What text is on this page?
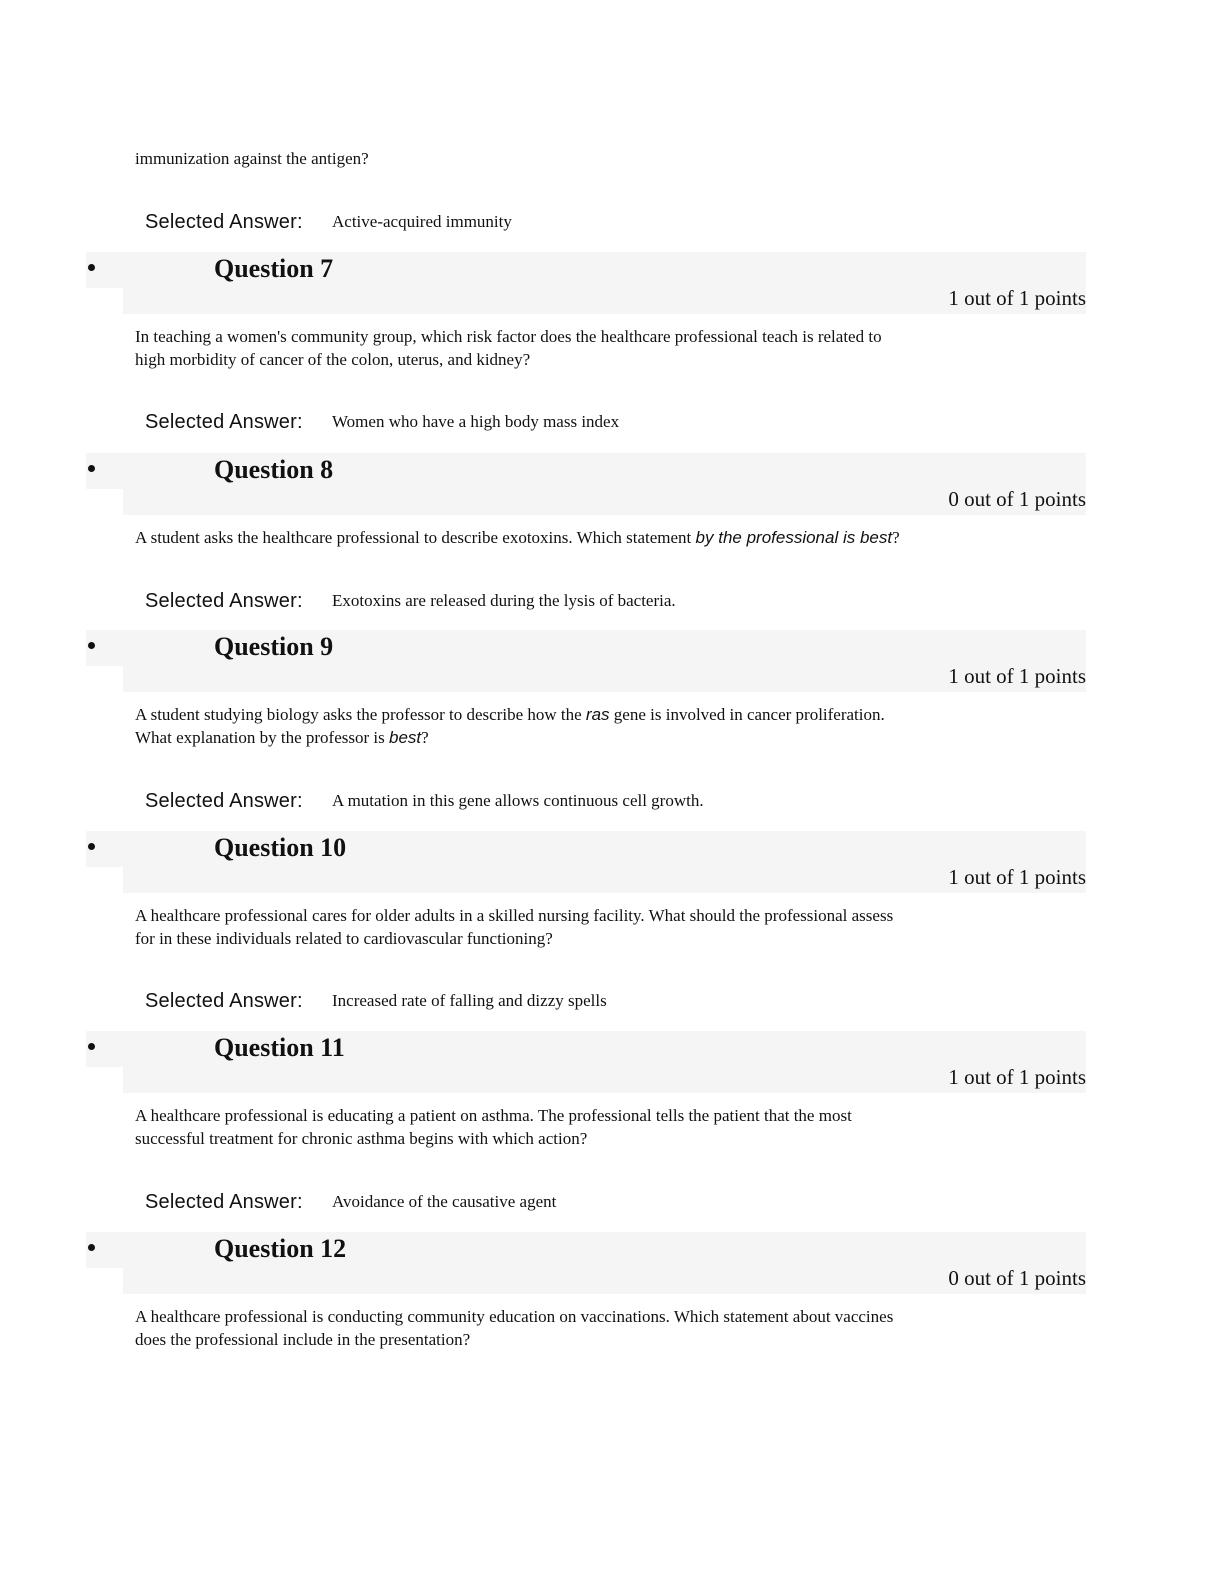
immunization against the antigen?

Selected Answer: Active-acquired immunity
Question 7
1 out of 1 points

In teaching a women's community group, which risk factor does the healthcare professional teach is related to
high morbidity of cancer of the colon, uterus, and kidney?

Selected Answer: Women who have a high body mass index
Question 8
0 out of 1 points

A student asks the healthcare professional to describe exotoxins. Which statement by the professional is best?

Selected Answer: Exotoxins are released during the lysis of bacteria.
Question 9
1 out of 1 points

A student studying biology asks the professor to describe how the ras gene is involved in cancer proliferation.
What explanation by the professor is best?

Selected Answer: A mutation in this gene allows continuous cell growth.
Question 10
1 out of 1 points

A healthcare professional cares for older adults in a skilled nursing facility. What should the professional assess
for in these individuals related to cardiovascular functioning?

Selected Answer: Increased rate of falling and dizzy spells
Question 11
1 out of 1 points

A healthcare professional is educating a patient on asthma. The professional tells the patient that the most
successful treatment for chronic asthma begins with which action?

Selected Answer: Avoidance of the causative agent
Question 12
0 out of 1 points

A healthcare professional is conducting community education on vaccinations. Which statement about vaccines
does the professional include in the presentation?
